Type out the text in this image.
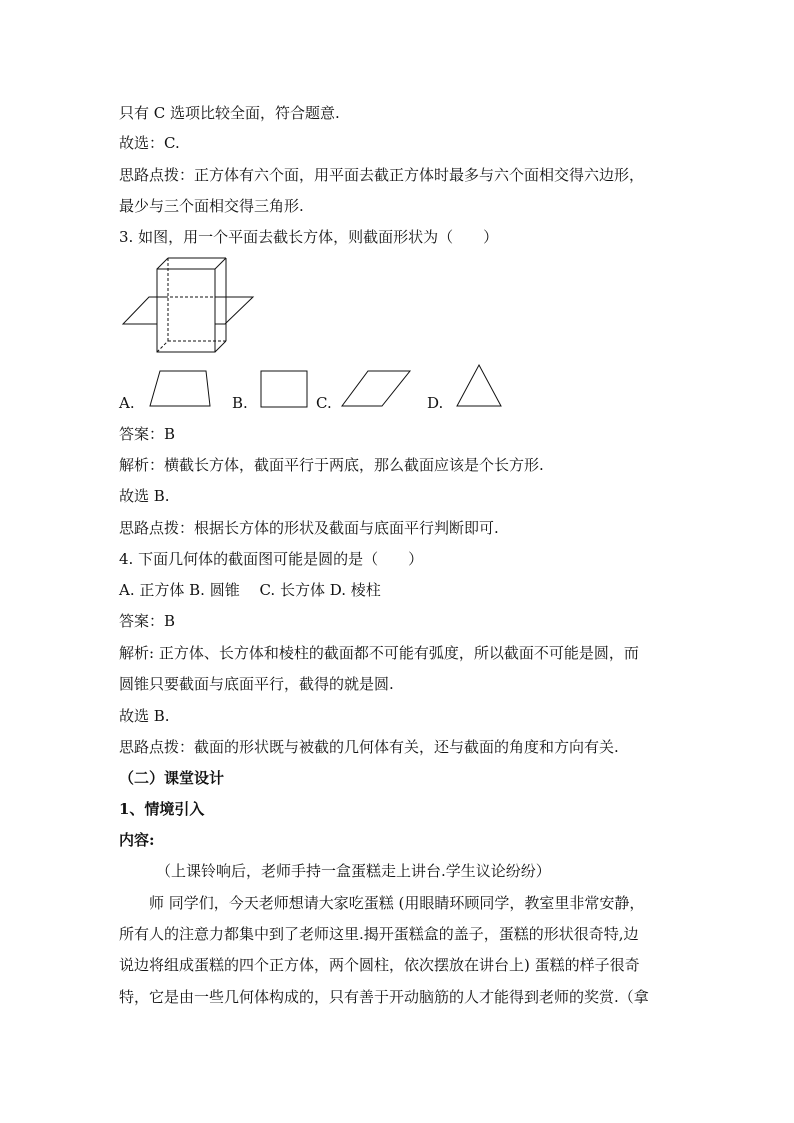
只有 C 选项比较全面，符合题意.
故选：C.
思路点拨：正方体有六个面，用平面去截正方体时最多与六个面相交得六边形，
最少与三个面相交得三角形.
3. 如图，用一个平面去截长方体，则截面形状为（　　）
A.	B.	C.	D.
答案：B
解析：横截长方体，截面平行于两底，那么截面应该是个长方形.
故选 B.
思路点拨：根据长方体的形状及截面与底面平行判断即可.
4. 下面几何体的截面图可能是圆的是（　　）
A. 正方体 B. 圆锥　 C. 长方体 D. 棱柱
答案：B
解析: 正方体、长方体和棱柱的截面都不可能有弧度，所以截面不可能是圆，而
圆锥只要截面与底面平行，截得的就是圆.
故选 B.
思路点拨：截面的形状既与被截的几何体有关，还与截面的角度和方向有关.
（二）课堂设计
1、情境引入
内容:
（上课铃响后，老师手持一盒蛋糕走上讲台.学生议论纷纷）
师 同学们，今天老师想请大家吃蛋糕 (用眼睛环顾同学，教室里非常安静，
所有人的注意力都集中到了老师这里.揭开蛋糕盒的盖子，蛋糕的形状很奇特,边
说边将组成蛋糕的四个正方体，两个圆柱，依次摆放在讲台上) 蛋糕的样子很奇
特，它是由一些几何体构成的，只有善于开动脑筋的人才能得到老师的奖赏.（拿
